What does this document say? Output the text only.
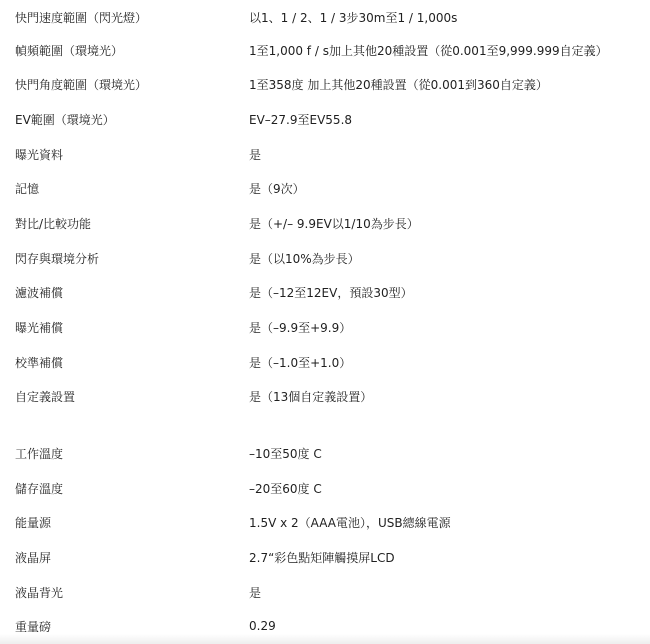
快門速度範圍（閃光燈）	以1、1 / 2、1 / 3步30m至1 / 1,000s
幀頻範圍（環境光）	1至1,000 f / s加上其他20種設置（從0.001至9,999.999自定義）
快門角度範圍（環境光）	1至358度 加上其他20種設置（從0.001到360自定義）
EV範圍（環境光）	EV–27.9至EV55.8
曝光資料	是
記憶	是（9次）
對比/比較功能	是（+/– 9.9EV以1/10為步長）
閃存與環境分析	是（以10%為步長）
濾波補償	是（–12至12EV，預設30型）
曝光補償	是（–9.9至+9.9）
校準補償	是（–1.0至+1.0）
自定義設置	是（13個自定義設置）
工作溫度	–10至50度 C
儲存溫度	–20至60度 C
能量源	1.5V x 2（AAA電池），USB總線電源
液晶屏	2.7“彩色點矩陣觸摸屏LCD
液晶背光	是
重量磅	0.29
